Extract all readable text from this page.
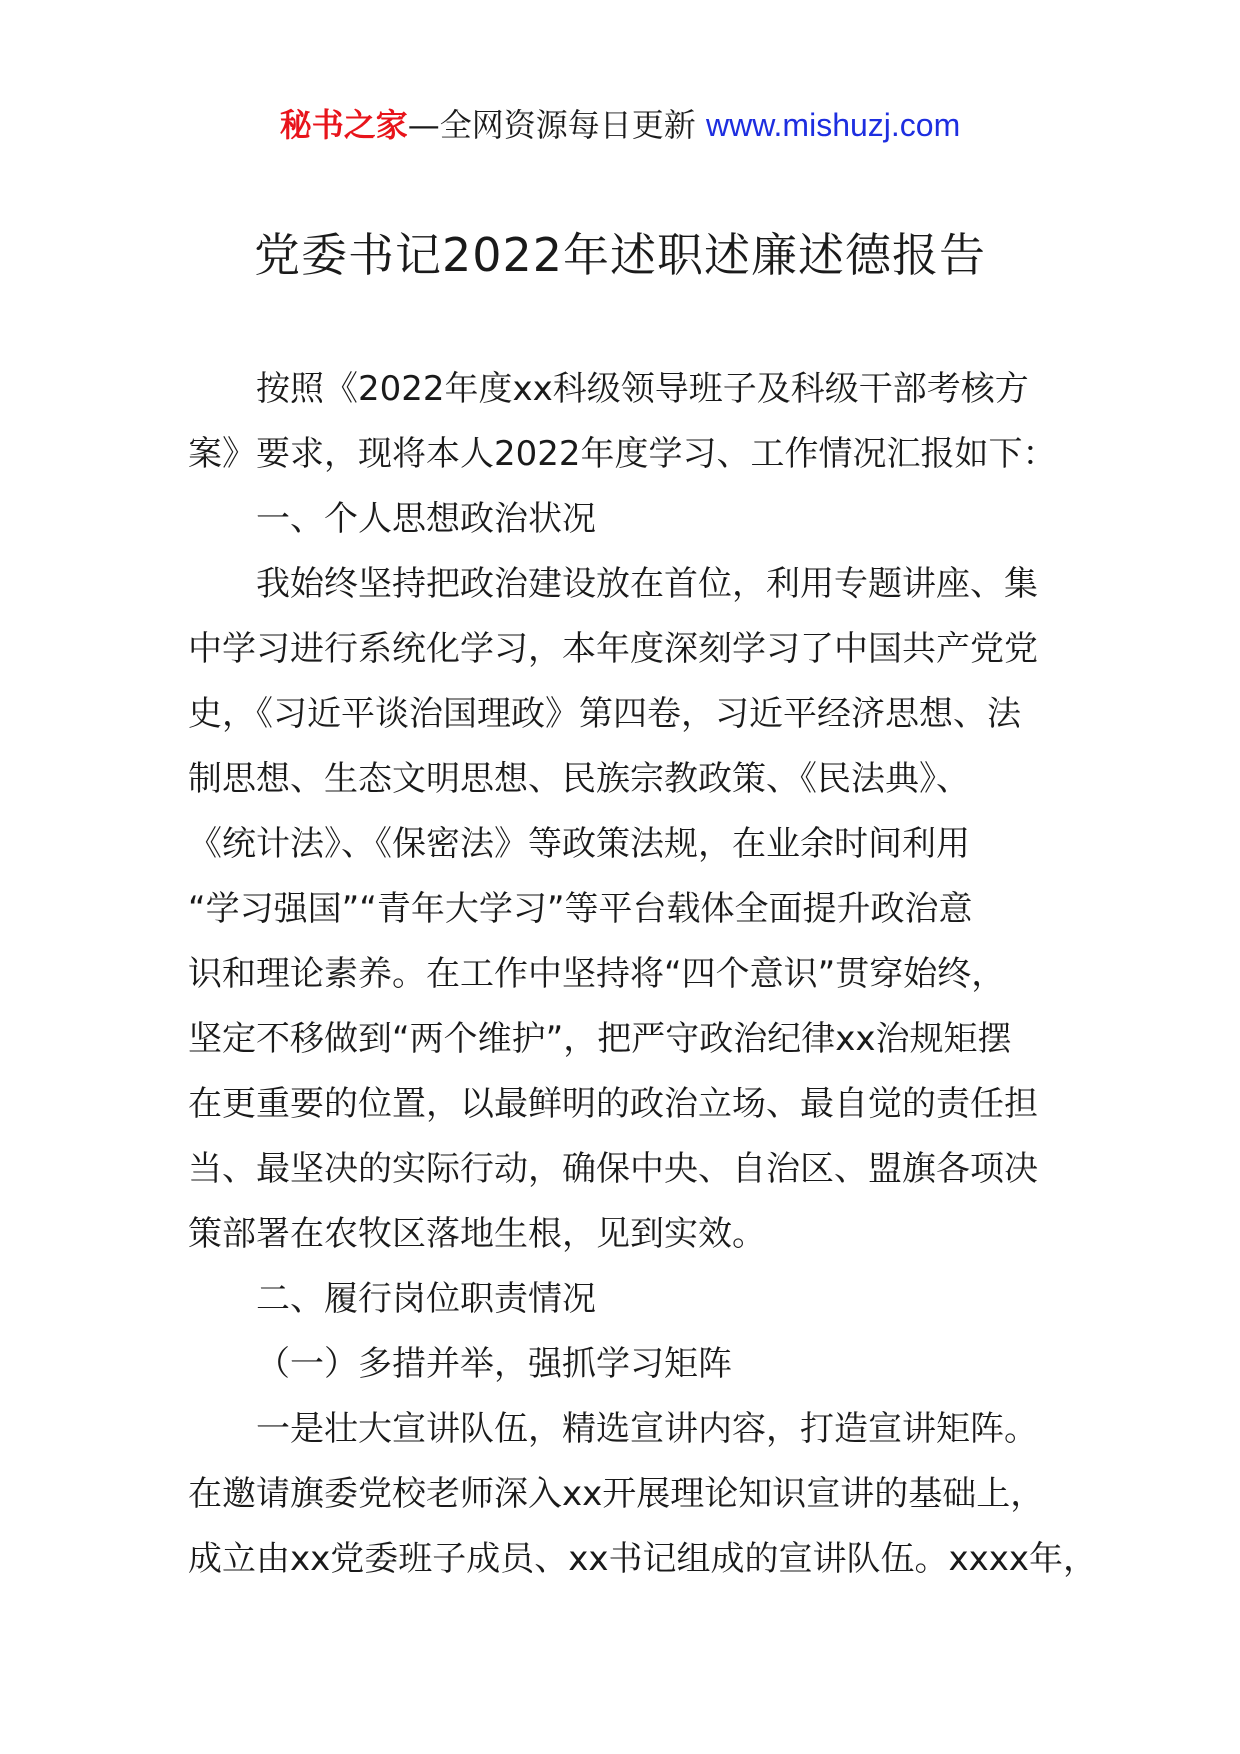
秘书之家—全网资源每日更新 www.mishuzj.com
党委书记2022年述职述廉述德报告
按照《2022年度xx科级领导班子及科级干部考核方
案》要求，现将本人2022年度学习、工作情况汇报如下：
一、个人思想政治状况
我始终坚持把政治建设放在首位，利用专题讲座、集
中学习进行系统化学习，本年度深刻学习了中国共产党党
史，《习近平谈治国理政》第四卷，习近平经济思想、法
制思想、生态文明思想、民族宗教政策、《民法典》、
《统计法》、《保密法》等政策法规，在业余时间利用
“学习强国”“青年大学习”等平台载体全面提升政治意
识和理论素养。在工作中坚持将“四个意识”贯穿始终，
坚定不移做到“两个维护”，把严守政治纪律xx治规矩摆
在更重要的位置，以最鲜明的政治立场、最自觉的责任担
当、最坚决的实际行动，确保中央、自治区、盟旗各项决
策部署在农牧区落地生根，见到实效。
二、履行岗位职责情况
（一）多措并举，强抓学习矩阵
一是壮大宣讲队伍，精选宣讲内容，打造宣讲矩阵。
在邀请旗委党校老师深入xx开展理论知识宣讲的基础上，
成立由xx党委班子成员、xx书记组成的宣讲队伍。xxxx年，
